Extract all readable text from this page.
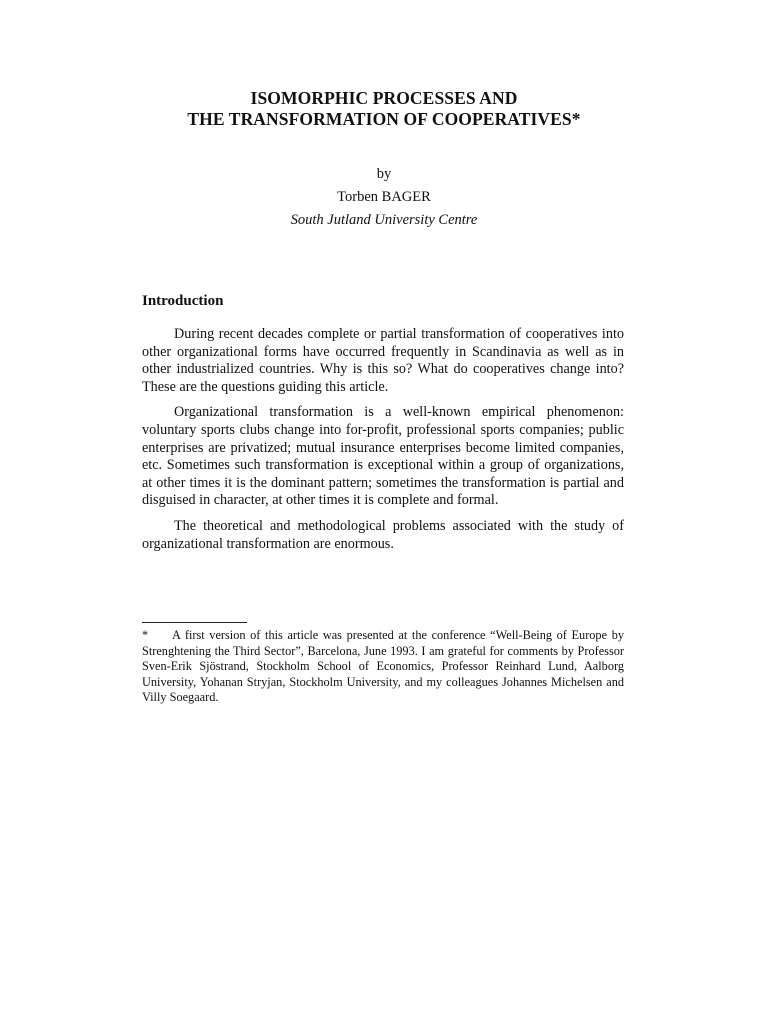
ISOMORPHIC PROCESSES AND
THE TRANSFORMATION OF COOPERATIVES*
by
Torben BAGER
South Jutland University Centre
Introduction

During recent decades complete or partial transformation of cooperatives into other organizational forms have occurred frequently in Scandinavia as well as in other industrialized countries. Why is this so? What do cooperatives change into? These are the questions guiding this article.

Organizational transformation is a well-known empirical phenomenon: voluntary sports clubs change into for-profit, professional sports companies; public enterprises are privatized; mutual insurance enterprises become limited companies, etc. Sometimes such transformation is exceptional within a group of organizations, at other times it is the dominant pattern; sometimes the transformation is partial and disguised in character, at other times it is complete and formal.

The theoretical and methodological problems associated with the study of organizational transformation are enormous.

* A first version of this article was presented at the conference “Well-Being of Europe by Strenghtening the Third Sector”, Barcelona, June 1993. I am grateful for comments by Professor Sven-Erik Sjöstrand, Stockholm School of Economics, Professor Reinhard Lund, Aalborg University, Yohanan Stryjan, Stockholm University, and my colleagues Johannes Michelsen and Villy Soegaard.
